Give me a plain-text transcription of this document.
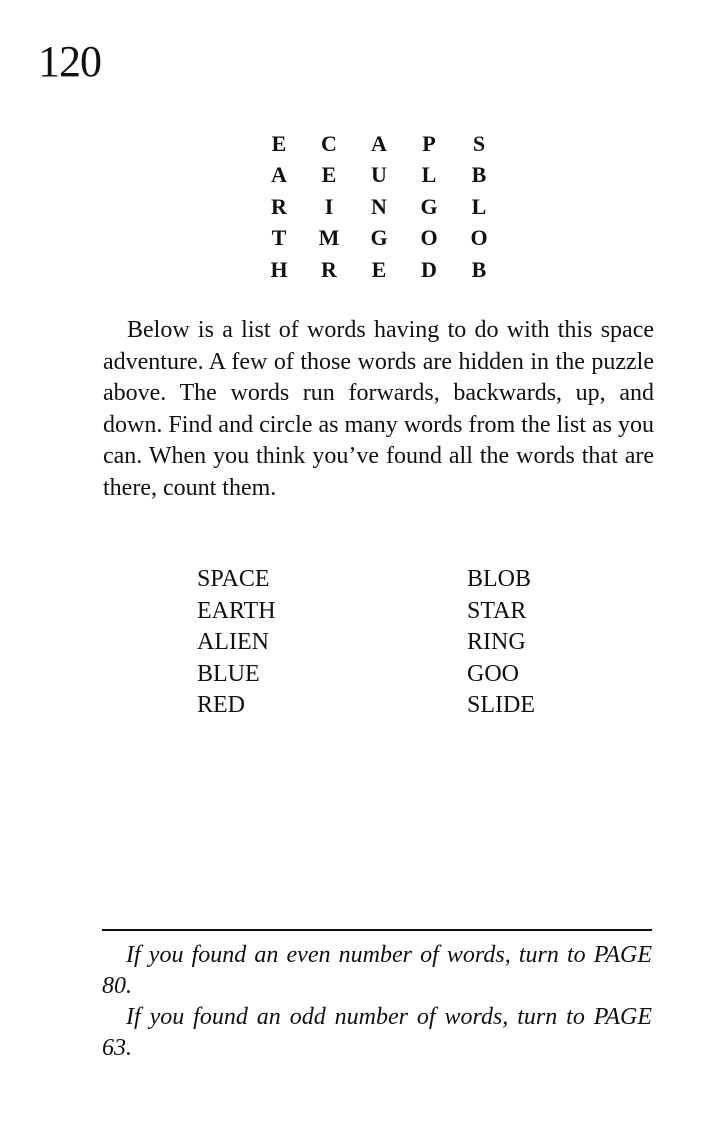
120
E	C	A	P	S
A	E	U	L	B
R	I	N	G	L
T	M	G	O	O
H	R	E	D	B

Below is a list of words having to do with this space adventure. A few of those words are hidden in the puzzle above. The words run forwards, backwards, up, and down. Find and circle as many words from the list as you can. When you think you’ve found all the words that are there, count them.

SPACE	BLOB
EARTH	STAR
ALIEN	RING
BLUE	GOO
RED	SLIDE

If you found an even number of words, turn to PAGE 80.

If you found an odd number of words, turn to PAGE 63.
